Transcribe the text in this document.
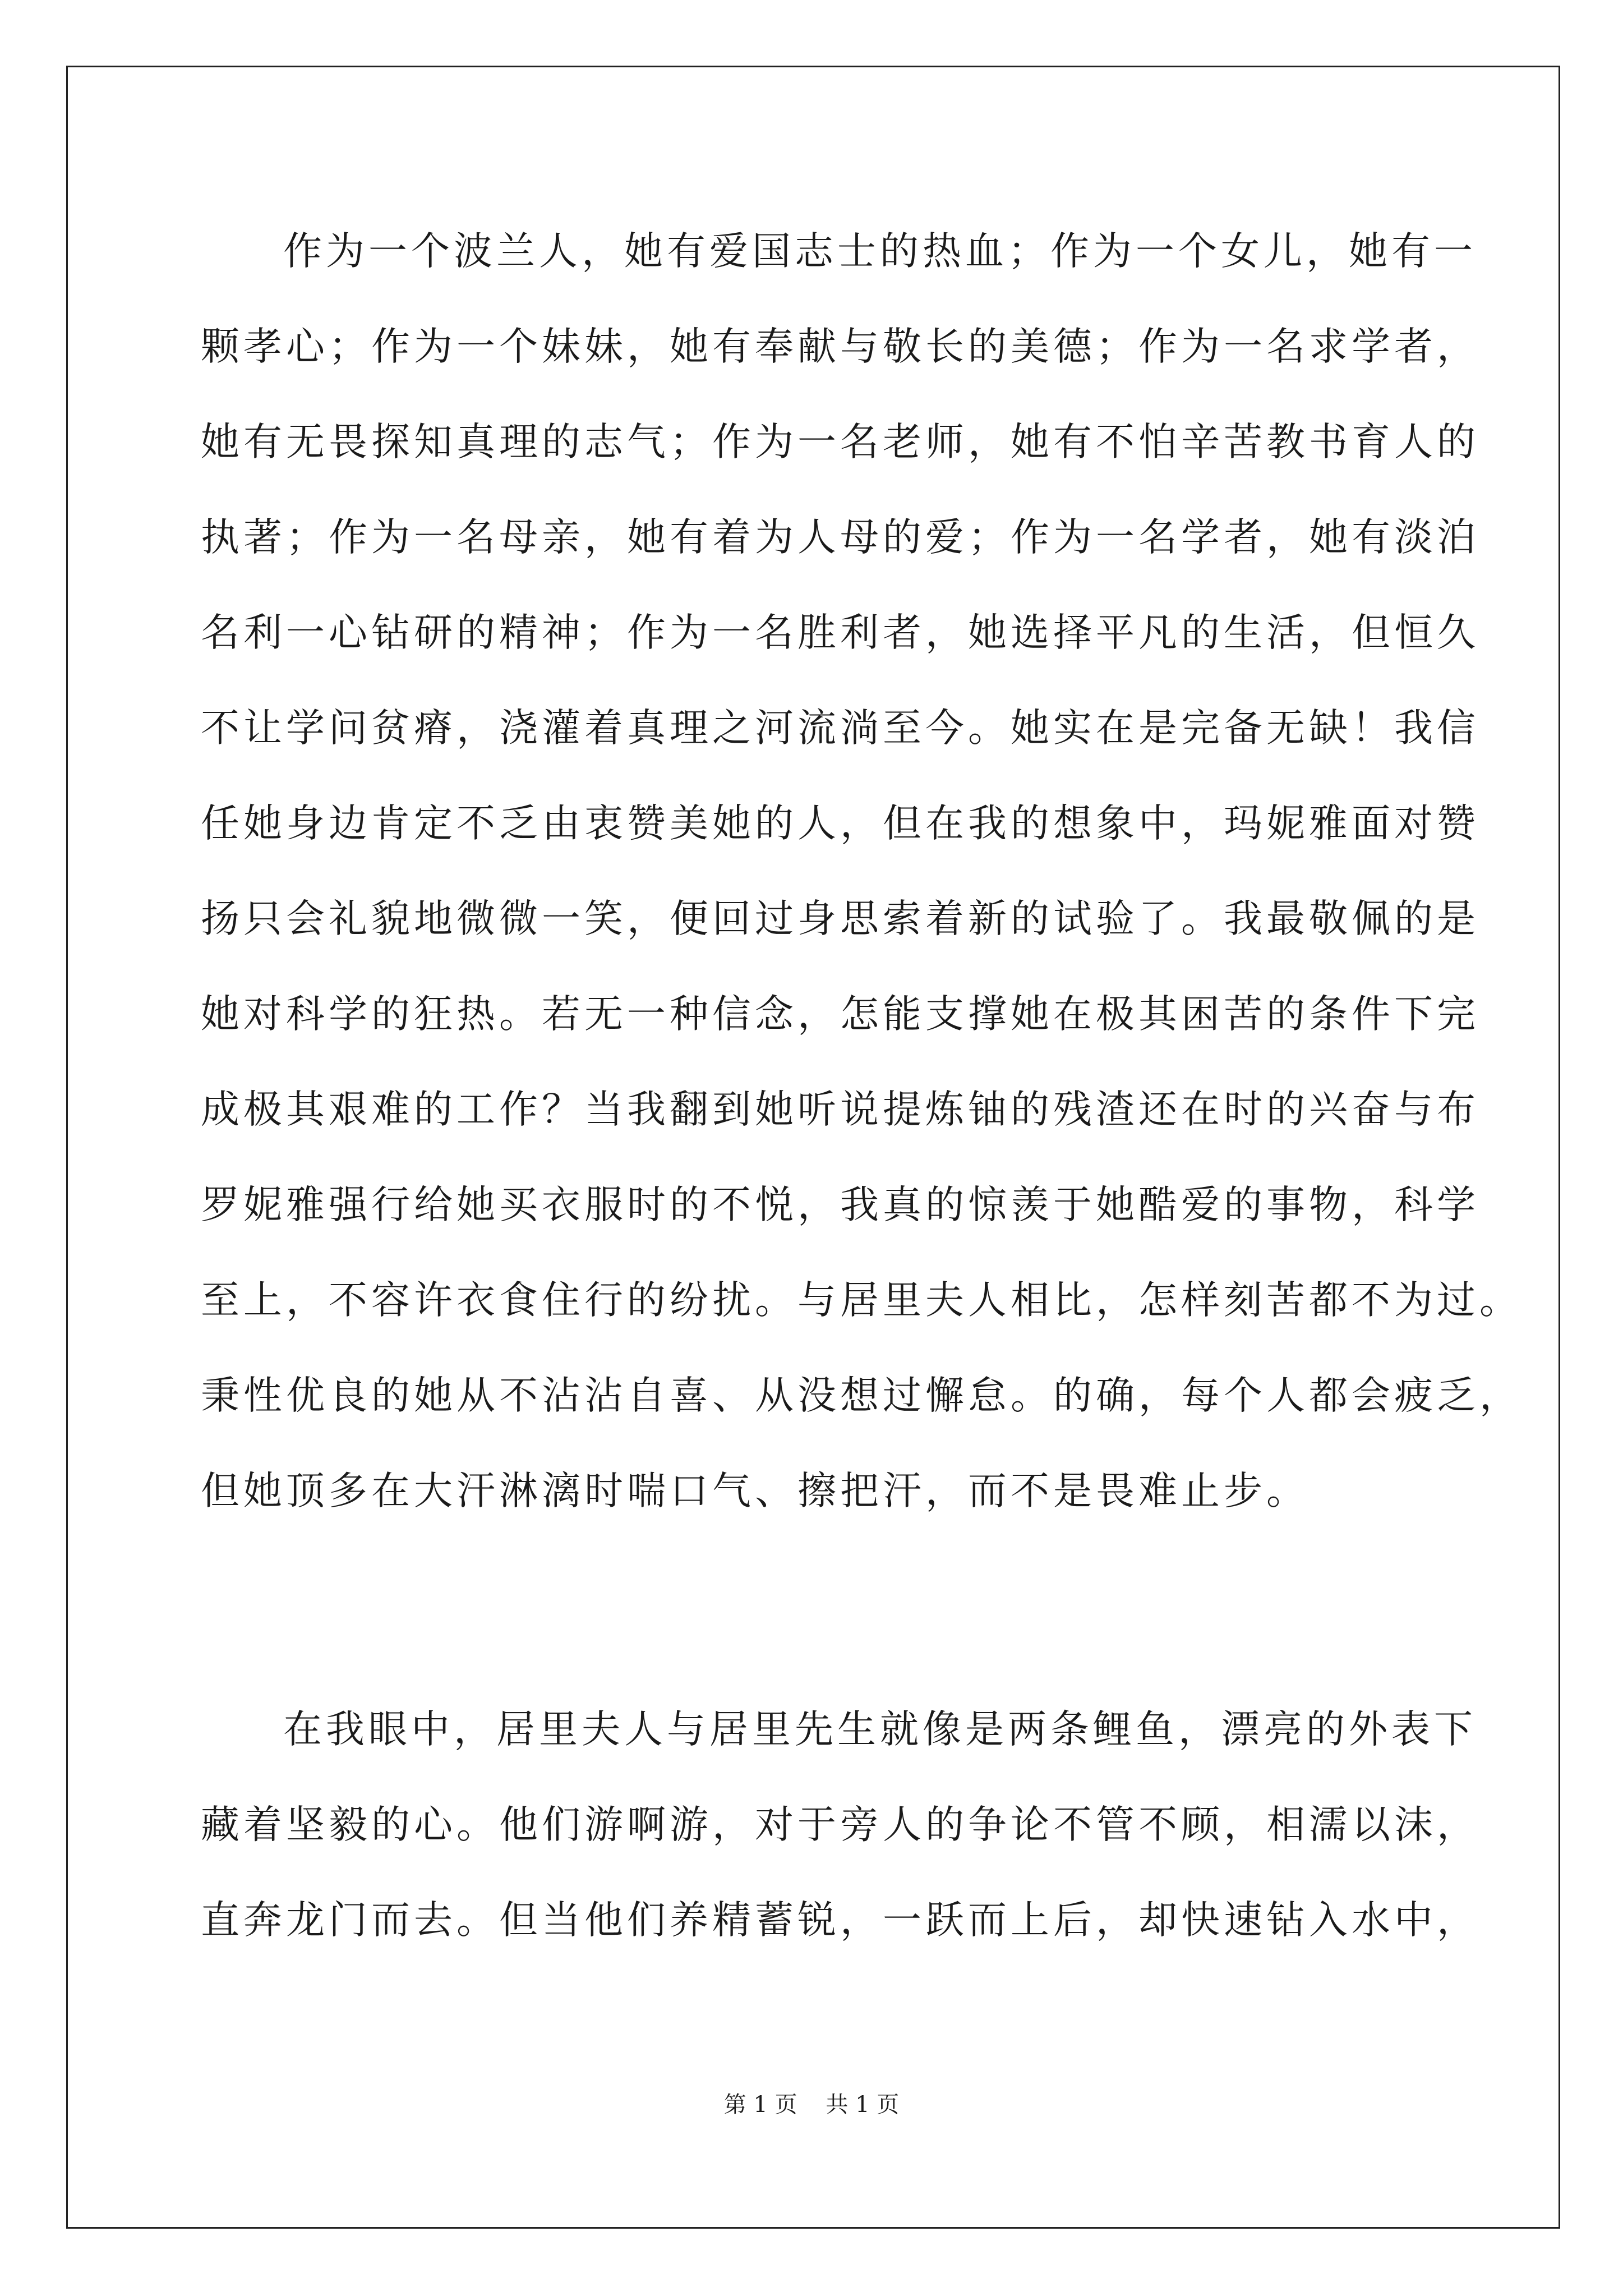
作为一个波兰人，她有爱国志士的热血；作为一个女儿，她有一
颗孝心；作为一个妹妹，她有奉献与敬长的美德；作为一名求学者，
她有无畏探知真理的志气；作为一名老师，她有不怕辛苦教书育人的
执著；作为一名母亲，她有着为人母的爱；作为一名学者，她有淡泊
名利一心钻研的精神；作为一名胜利者，她选择平凡的生活，但恒久
不让学问贫瘠，浇灌着真理之河流淌至今。她实在是完备无缺！我信
任她身边肯定不乏由衷赞美她的人，但在我的想象中，玛妮雅面对赞
扬只会礼貌地微微一笑，便回过身思索着新的试验了。我最敬佩的是
她对科学的狂热。若无一种信念，怎能支撑她在极其困苦的条件下完
成极其艰难的工作？当我翻到她听说提炼铀的残渣还在时的兴奋与布
罗妮雅强行给她买衣服时的不悦，我真的惊羡于她酷爱的事物，科学
至上，不容许衣食住行的纷扰。与居里夫人相比，怎样刻苦都不为过。
秉性优良的她从不沾沾自喜、从没想过懈怠。的确，每个人都会疲乏，
但她顶多在大汗淋漓时喘口气、擦把汗，而不是畏难止步。
在我眼中，居里夫人与居里先生就像是两条鲤鱼，漂亮的外表下
藏着坚毅的心。他们游啊游，对于旁人的争论不管不顾，相濡以沫，
直奔龙门而去。但当他们养精蓄锐，一跃而上后，却快速钻入水中，
第 1 页    共 1 页
